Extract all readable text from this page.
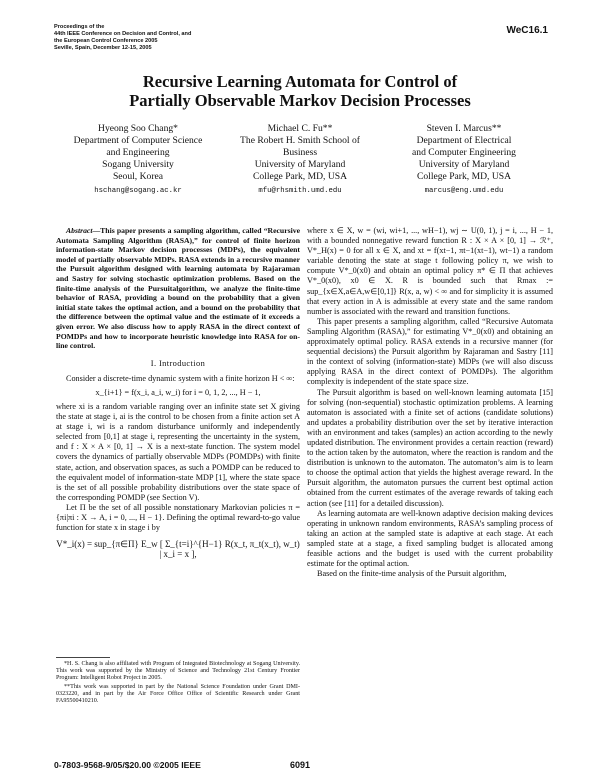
Proceedings of the
44th IEEE Conference on Decision and Control, and
the European Control Conference 2005
Seville, Spain, December 12-15, 2005
WeC16.1
Recursive Learning Automata for Control of
Partially Observable Markov Decision Processes
Hyeong Soo Chang*
Department of Computer Science
and Engineering
Sogang University
Seoul, Korea
hschang@sogang.ac.kr
Michael C. Fu**
The Robert H. Smith School of
Business
University of Maryland
College Park, MD, USA
mfu@rhsmith.umd.edu
Steven I. Marcus**
Department of Electrical
and Computer Engineering
University of Maryland
College Park, MD, USA
marcus@eng.umd.edu

Abstract—This paper presents a sampling algorithm, called “Recursive Automata Sampling Algorithm (RASA),” for control of finite horizon information-state Markov decision processes (MDPs), the equivalent model of partially observable MDPs. RASA extends in a recursive manner the Pursuit algorithm designed with learning automata by Rajaraman and Sastry for solving stochastic optimization problems. Based on the finite-time analysis of the Pursuitalgorithm, we analyze the finite-time behavior of RASA, providing a bound on the probability that a given initial state takes the optimal action, and a bound on the probability that the difference between the optimal value and the estimate of it exceeds a given error. We also discuss how to apply RASA in the direct context of POMDPs and how to incorporate heuristic knowledge into RASA for on-line control.

I. Introduction

Consider a discrete-time dynamic system with a finite horizon H < ∞:

x_{i+1} = f(x_i, a_i, w_i) for i = 0, 1, 2, ..., H − 1,

where xi is a random variable ranging over an infinite state set X giving the state at stage i, ai is the control to be chosen from a finite action set A at stage i, wi is a random disturbance uniformly and independently selected from [0,1] at stage i, representing the uncertainty in the system, and f : X × A × [0, 1] → X is a next-state function. The system model covers the dynamics of partially observable MDPs (POMDPs) with finite state, action, and observation spaces, as such a POMDP can be reduced to the equivalent model of information-state MDP [1], where the state space is the set of all possible probability distributions over the state space of the corresponding POMDP (see Section V).

Let Π be the set of all possible nonstationary Markovian policies π = {πi|πi : X → A, i = 0, ..., H − 1}. Defining the optimal reward-to-go value function for state x in stage i by

V*_i(x) = sup_{π∈Π} E_w [ Σ_{t=i}^{H−1} R(x_t, π_t(x_t), w_t) | x_i = x ],

*H. S. Chang is also affiliated with Program of Integrated Biotechnology at Sogang University. This work was supported by the Ministry of Science and Technology 21st Century Frontier Program: Intelligent Robot Project in 2005.

**This work was supported in part by the National Science Foundation under Grant DMI-0323220, and in part by the Air Force Office Office of Scientific Research under Grant FA95500410210.

where x ∈ X, w = (wi, wi+1, ..., wH−1), wj ∼ U(0, 1), j = i, ..., H − 1, with a bounded nonnegative reward function R : X × A × [0, 1] → ℛ⁺, V*_H(x) = 0 for all x ∈ X, and xt = f(xt−1, πt−1(xt−1), wt−1) a random variable denoting the state at stage t following policy π, we wish to compute V*_0(x0) and obtain an optimal policy π* ∈ Π that achieves V*_0(x0), x0 ∈ X. R is bounded such that Rmax := sup_{x∈X,a∈A,w∈[0,1]} R(x, a, w) < ∞ and for simplicity it is assumed that every action in A is admissible at every state and the same random number is associated with the reward and transition functions.

This paper presents a sampling algorithm, called “Recursive Automata Sampling Algorithm (RASA),” for estimating V*_0(x0) and obtaining an approximately optimal policy. RASA extends in a recursive manner (for sequential decisions) the Pursuit algorithm by Rajaraman and Sastry [11] in the context of solving (information-state) MDPs (we will also discuss applying RASA in the direct context of POMDPs). The algorithm complexity is independent of the state space size.

The Pursuit algorithm is based on well-known learning automata [15] for solving (non-sequential) stochastic optimization problems. A learning automaton is associated with a finite set of actions (candidate solutions) and updates a probability distribution over the set by iterative interaction with an environment and takes (samples) an action according to the newly updated distribution. The environment provides a certain reaction (reward) to the action taken by the automaton, where the reaction is random and the distribution is unknown to the automaton. The automaton’s aim is to learn to choose the optimal action that yields the highest average reward. In the Pursuit algorithm, the automaton pursues the current best optimal action obtained from the current estimates of the average rewards of taking each action (see [11] for a detailed discussion).

As learning automata are well-known adaptive decision making devices operating in unknown random environments, RASA’s sampling process of taking an action at the sampled state is adaptive at each stage. At each sampled state at a stage, a fixed sampling budget is allocated among feasible actions and the budget is used with the current probability estimate for the optimal action.

Based on the finite-time analysis of the Pursuit algorithm,

0-7803-9568-9/05/$20.00 ©2005 IEEE	6091
